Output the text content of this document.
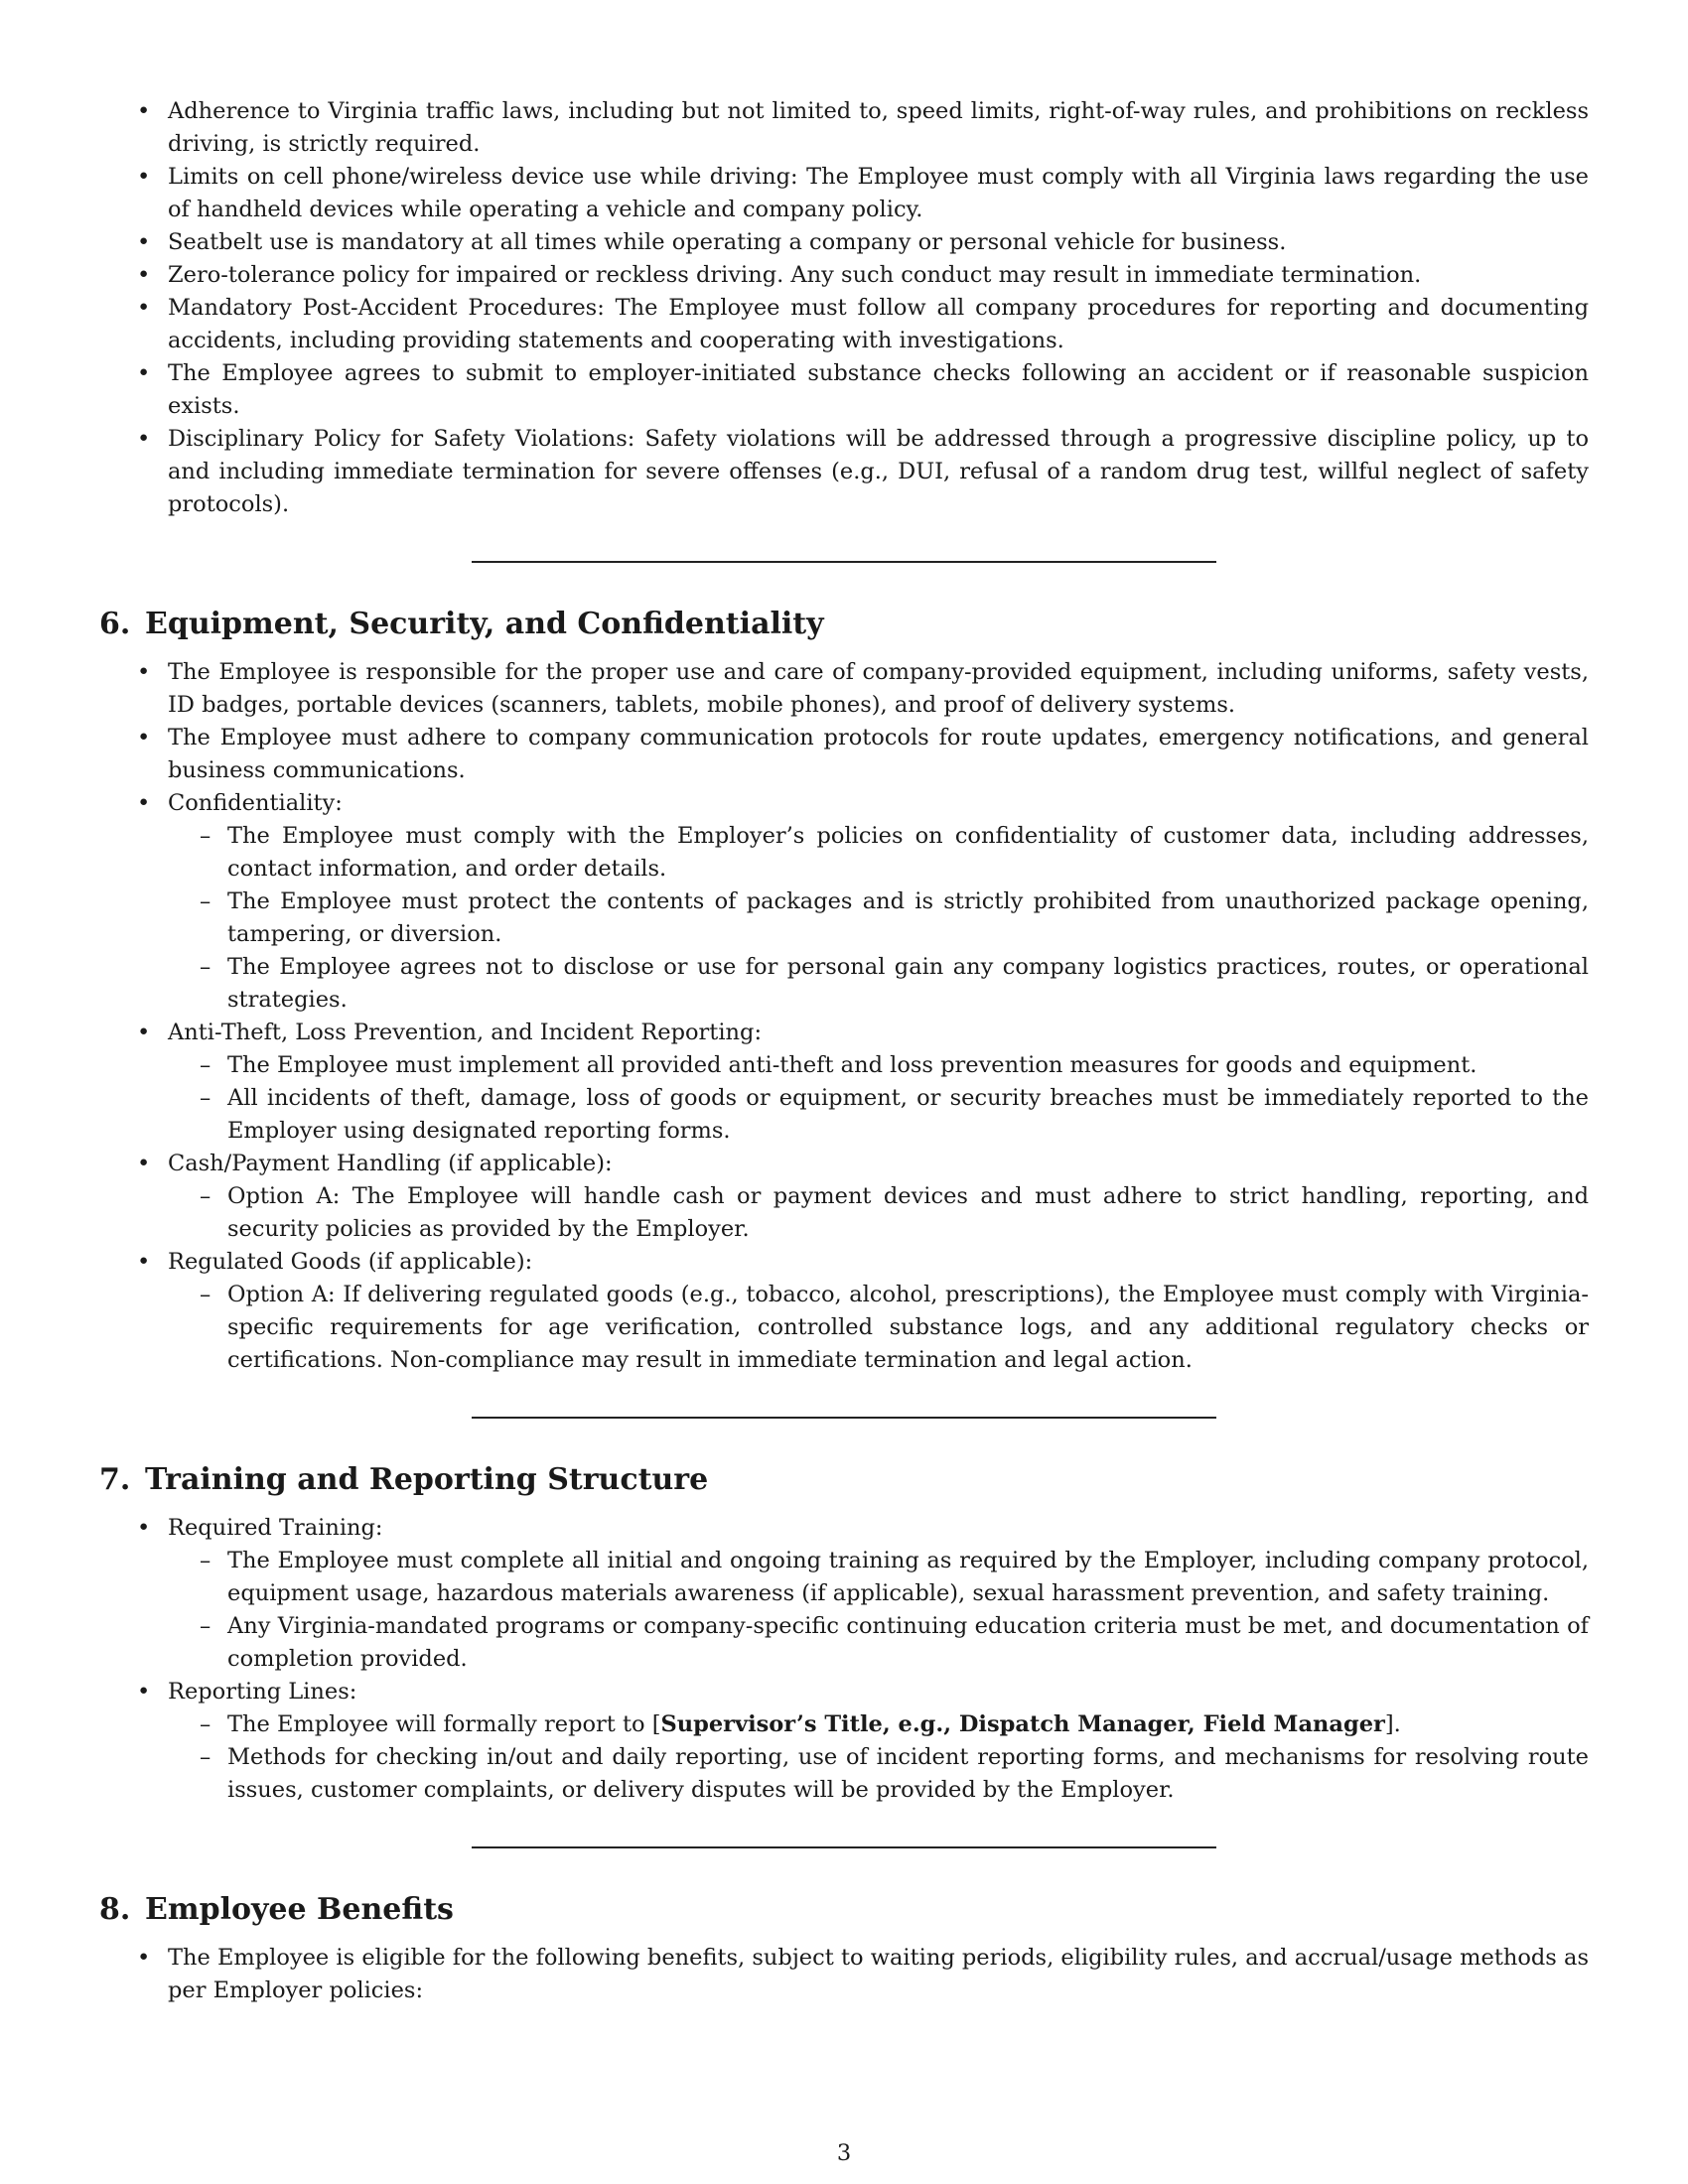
• Adherence to Virginia traffic laws, including but not limited to, speed limits, right-of-way rules, and prohibitions on reckless driving, is strictly required.
• Limits on cell phone/wireless device use while driving: The Employee must comply with all Virginia laws regarding the use of handheld devices while operating a vehicle and company policy.
• Seatbelt use is mandatory at all times while operating a company or personal vehicle for business.
• Zero-tolerance policy for impaired or reckless driving. Any such conduct may result in immediate termination.
• Mandatory Post-Accident Procedures: The Employee must follow all company procedures for reporting and documenting accidents, including providing statements and cooperating with investigations.
• The Employee agrees to submit to employer-initiated substance checks following an accident or if reasonable suspicion exists.
• Disciplinary Policy for Safety Violations: Safety violations will be addressed through a progressive discipline policy, up to and including immediate termination for severe offenses (e.g., DUI, refusal of a random drug test, willful neglect of safety protocols).
6. Equipment, Security, and Confidentiality
• The Employee is responsible for the proper use and care of company-provided equipment, including uniforms, safety vests, ID badges, portable devices (scanners, tablets, mobile phones), and proof of delivery systems.
• The Employee must adhere to company communication protocols for route updates, emergency notifications, and general business communications.
• Confidentiality:
– The Employee must comply with the Employer’s policies on confidentiality of customer data, including addresses, contact information, and order details.
– The Employee must protect the contents of packages and is strictly prohibited from unauthorized package opening, tampering, or diversion.
– The Employee agrees not to disclose or use for personal gain any company logistics practices, routes, or operational strategies.
• Anti-Theft, Loss Prevention, and Incident Reporting:
– The Employee must implement all provided anti-theft and loss prevention measures for goods and equipment.
– All incidents of theft, damage, loss of goods or equipment, or security breaches must be immediately reported to the Employer using designated reporting forms.
• Cash/Payment Handling (if applicable):
– Option A: The Employee will handle cash or payment devices and must adhere to strict handling, reporting, and security policies as provided by the Employer.
• Regulated Goods (if applicable):
– Option A: If delivering regulated goods (e.g., tobacco, alcohol, prescriptions), the Employee must comply with Virginia-specific requirements for age verification, controlled substance logs, and any additional regulatory checks or certifications. Non-compliance may result in immediate termination and legal action.
7. Training and Reporting Structure
• Required Training:
– The Employee must complete all initial and ongoing training as required by the Employer, including company protocol, equipment usage, hazardous materials awareness (if applicable), sexual harassment prevention, and safety training.
– Any Virginia-mandated programs or company-specific continuing education criteria must be met, and documentation of completion provided.
• Reporting Lines:
– The Employee will formally report to [Supervisor’s Title, e.g., Dispatch Manager, Field Manager].
– Methods for checking in/out and daily reporting, use of incident reporting forms, and mechanisms for resolving route issues, customer complaints, or delivery disputes will be provided by the Employer.
8. Employee Benefits
• The Employee is eligible for the following benefits, subject to waiting periods, eligibility rules, and accrual/usage methods as per Employer policies:
3
